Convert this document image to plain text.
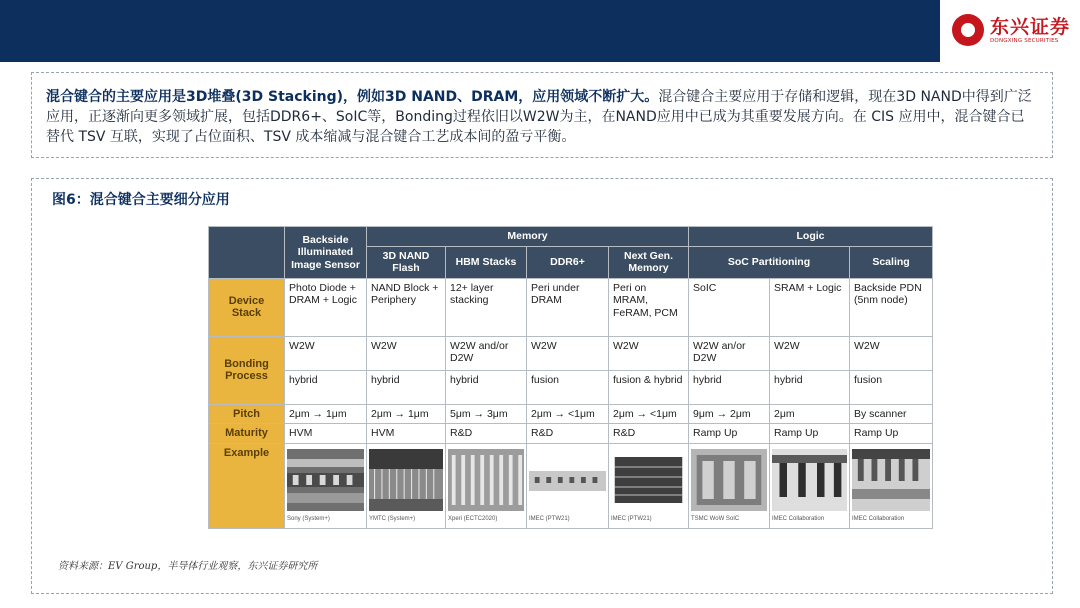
东兴证券
DONGXING SECURITIES
混合键合的主要应用是3D堆叠(3D Stacking)，例如3D NAND、DRAM，应用领域不断扩大。混合键合主要应用于存储和逻辑，现在3D NAND中得到广泛应用，正逐渐向更多领域扩展，包括DDR6+、SoIC等，Bonding过程依旧以W2W为主，在NAND应用中已成为其重要发展方向。在 CIS 应用中，混合键合已替代 TSV 互联，实现了占位面积、TSV 成本缩减与混合键合工艺成本间的盈亏平衡。
图6：混合键合主要细分应用
	Backside Illuminated Image Sensor	Memory				Logic		
		3D NAND Flash	HBM Stacks	DDR6+	Next Gen. Memory	SoC Partitioning		Scaling
Device Stack	Photo Diode + DRAM + Logic	NAND Block + Periphery	12+ layer stacking	Peri under DRAM	Peri on MRAM, FeRAM, PCM	SoIC	SRAM + Logic	Backside PDN (5nm node)
Bonding Process	W2W	W2W	W2W and/or D2W	W2W	W2W	W2W an/or D2W	W2W	W2W
	hybrid	hybrid	hybrid	fusion	fusion & hybrid	hybrid	hybrid	fusion
Pitch	2μm → 1μm	2μm → 1μm	5μm → 3μm	2μm → <1μm	2μm → <1μm	9μm → 2μm	2μm	By scanner
Maturity	HVM	HVM	R&D	R&D	R&D	Ramp Up	Ramp Up	Ramp Up
Example	Sony (System+)	YMTC (System+)	Xperi (ECTC2020)	IMEC (PTW21)	IMEC (PTW21)	TSMC WoW SoIC	IMEC Collaboration	IMEC Collaboration
资料来源：EV Group，半导体行业观察，东兴证券研究所
